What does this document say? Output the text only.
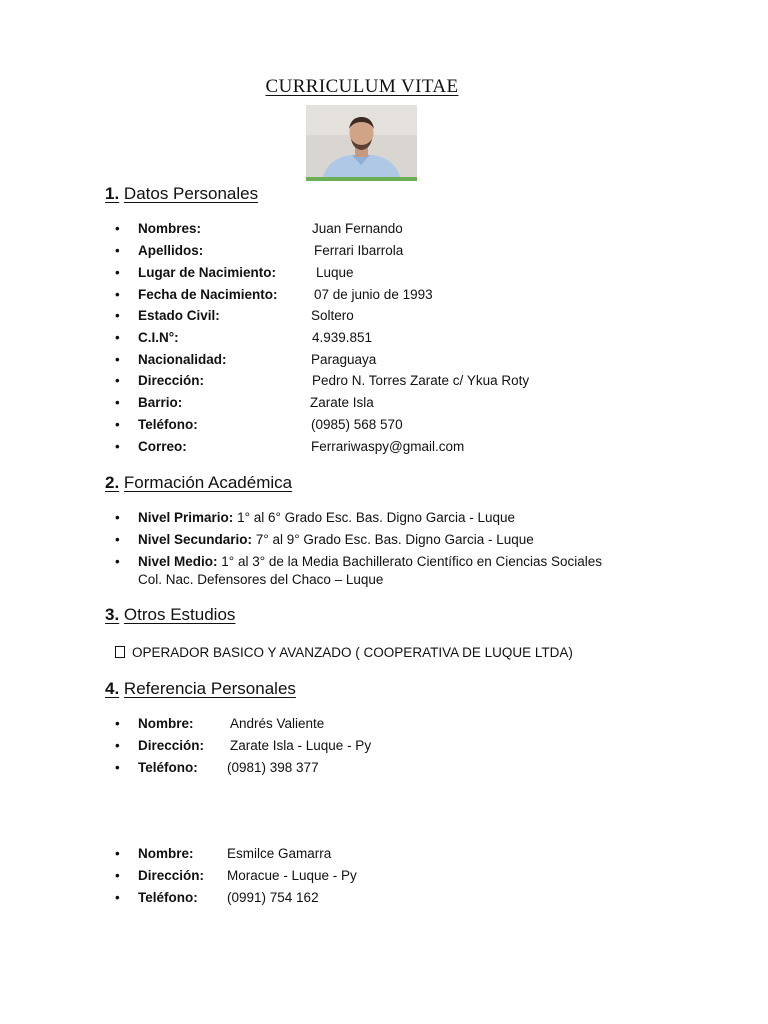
CURRICULUM VITAE
1. Datos Personales
• Nombres:	Juan Fernando
• Apellidos:	Ferrari Ibarrola
• Lugar de Nacimiento:	Luque
• Fecha de Nacimiento:	07 de junio de 1993
• Estado Civil:	Soltero
• C.I.N°:	4.939.851
• Nacionalidad:	Paraguaya
• Dirección:	Pedro N. Torres Zarate c/ Ykua Roty
• Barrio:	Zarate Isla
• Teléfono:	(0985) 568 570
• Correo:	Ferrariwaspy@gmail.com
2. Formación Académica
• Nivel Primario: 1° al 6° Grado Esc. Bas. Digno Garcia - Luque
• Nivel Secundario: 7° al 9° Grado Esc. Bas. Digno Garcia - Luque
• Nivel Medio: 1° al 3° de la Media Bachillerato Científico en Ciencias Sociales Col. Nac. Defensores del Chaco – Luque
3. Otros Estudios
OPERADOR BASICO Y AVANZADO ( COOPERATIVA DE LUQUE LTDA)
4. Referencia Personales
• Nombre:	Andrés Valiente
• Dirección: Zarate Isla - Luque - Py
• Teléfono: (0981) 398 377
• Nombre: Esmilce Gamarra
• Dirección: Moracue - Luque - Py
• Teléfono: (0991) 754 162
